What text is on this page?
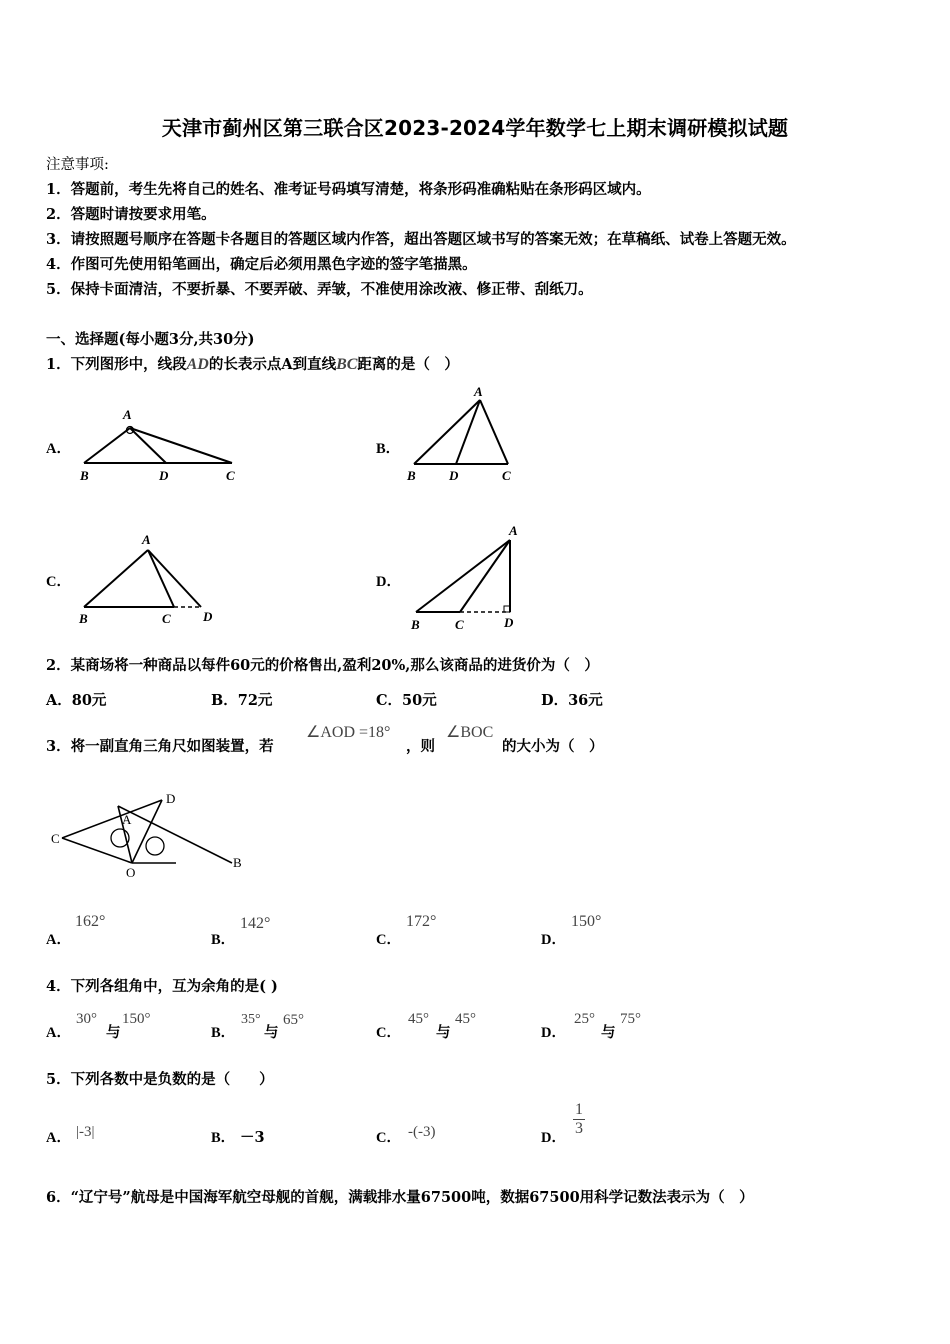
天津市蓟州区第三联合区2023-2024学年数学七上期末调研模拟试题
注意事项:
1．答题前，考生先将自己的姓名、准考证号码填写清楚，将条形码准确粘贴在条形码区域内。
2．答题时请按要求用笔。
3．请按照题号顺序在答题卡各题目的答题区域内作答，超出答题区域书写的答案无效；在草稿纸、试卷上答题无效。
4．作图可先使用铅笔画出，确定后必须用黑色字迹的签字笔描黑。
5．保持卡面清洁，不要折暴、不要弄破、弄皱，不准使用涂改液、修正带、刮纸刀。
一、选择题(每小题3分,共30分)
1．下列图形中，线段AD的长表示点A到直线BC距离的是（　）
A．	B．
C．	D．
A
B	D	C
A
B	D	C
A
B	C D
A
B	C	D
2．某商场将一种商品以每件60元的价格售出,盈利20%,那么该商品的进货价为（　）
A．80元	B．72元	C．50元	D．36元
3．将一副直角三角尺如图装置，若
∠AOD =18°
，则
∠BOC
的大小为（　）
C
A
D
O
B
A．
162°
B．
142°
C．
172°
D．
150°
4．下列各组角中，互为余角的是( )
A．
30°
与
150°
B．
35°
与
65°
C．
45°
与
45°
D．
25°
与
75°
5．下列各数中是负数的是（　　）
A． |-3|	B． －3	C． -(-3)	D．
1
3
6．“辽宁号”航母是中国海军航空母舰的首舰，满载排水量67500吨，数据67500用科学记数法表示为（　）
